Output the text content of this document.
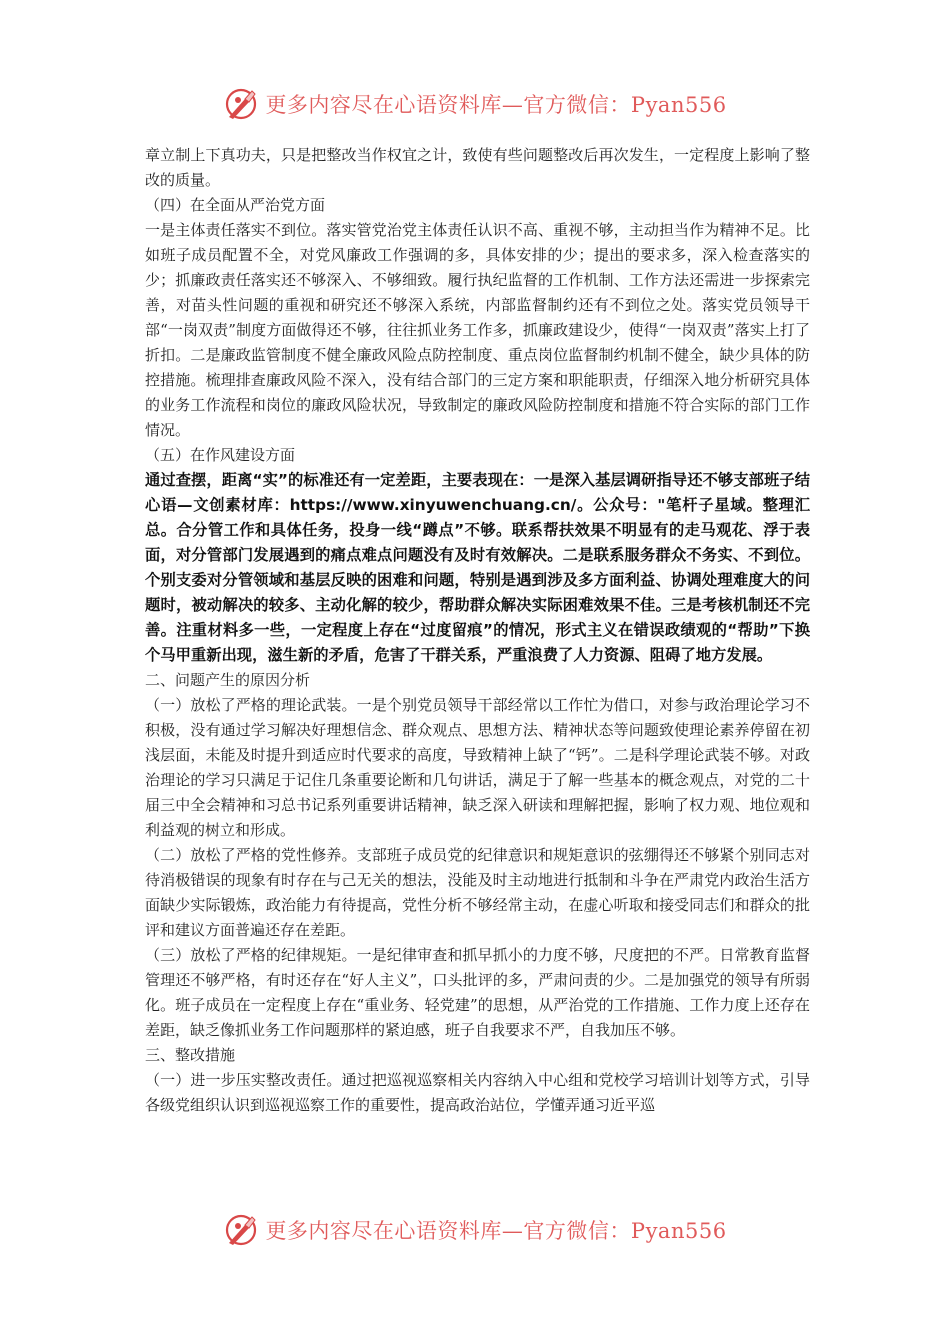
更多内容尽在心语资料库—官方微信：Pyan556

章立制上下真功夫，只是把整改当作权宜之计，致使有些问题整改后再次发生，一定程度上影响了整改的质量。

（四）在全面从严治党方面

一是主体责任落实不到位。落实管党治党主体责任认识不高、重视不够，主动担当作为精神不足。比如班子成员配置不全，对党风廉政工作强调的多，具体安排的少；提出的要求多，深入检查落实的少；抓廉政责任落实还不够深入、不够细致。履行执纪监督的工作机制、工作方法还需进一步探索完善，对苗头性问题的重视和研究还不够深入系统，内部监督制约还有不到位之处。落实党员领导干部“一岗双责”制度方面做得还不够，往往抓业务工作多，抓廉政建设少，使得“一岗双责”落实上打了折扣。二是廉政监管制度不健全廉政风险点防控制度、重点岗位监督制约机制不健全，缺少具体的防控措施。梳理排查廉政风险不深入，没有结合部门的三定方案和职能职责，仔细深入地分析研究具体的业务工作流程和岗位的廉政风险状况，导致制定的廉政风险防控制度和措施不符合实际的部门工作情况。

（五）在作风建设方面

通过查摆，距离“实”的标准还有一定差距，主要表现在：一是深入基层调研指导还不够支部班子结心语—文创素材库：https://www.xinyuwenchuang.cn/。公众号："笔杆子星域。整理汇总。合分管工作和具体任务，投身一线“蹲点”不够。联系帮扶效果不明显有的走马观花、浮于表面，对分管部门发展遇到的痛点难点问题没有及时有效解决。二是联系服务群众不务实、不到位。个别支委对分管领域和基层反映的困难和问题，特别是遇到涉及多方面利益、协调处理难度大的问题时，被动解决的较多、主动化解的较少，帮助群众解决实际困难效果不佳。三是考核机制还不完善。注重材料多一些，一定程度上存在“过度留痕”的情况，形式主义在错误政绩观的“帮助”下换个马甲重新出现，滋生新的矛盾，危害了干群关系，严重浪费了人力资源、阻碍了地方发展。

二、问题产生的原因分析

（一）放松了严格的理论武装。一是个别党员领导干部经常以工作忙为借口，对参与政治理论学习不积极，没有通过学习解决好理想信念、群众观点、思想方法、精神状态等问题致使理论素养停留在初浅层面，未能及时提升到适应时代要求的高度，导致精神上缺了“钙”。二是科学理论武装不够。对政治理论的学习只满足于记住几条重要论断和几句讲话，满足于了解一些基本的概念观点，对党的二十届三中全会精神和习总书记系列重要讲话精神，缺乏深入研读和理解把握，影响了权力观、地位观和利益观的树立和形成。

（二）放松了严格的党性修养。支部班子成员党的纪律意识和规矩意识的弦绷得还不够紧个别同志对待消极错误的现象有时存在与己无关的想法，没能及时主动地进行抵制和斗争在严肃党内政治生活方面缺少实际锻炼，政治能力有待提高，党性分析不够经常主动，在虚心听取和接受同志们和群众的批评和建议方面普遍还存在差距。

（三）放松了严格的纪律规矩。一是纪律审查和抓早抓小的力度不够，尺度把的不严。日常教育监督管理还不够严格，有时还存在“好人主义”，口头批评的多，严肃问责的少。二是加强党的领导有所弱化。班子成员在一定程度上存在“重业务、轻党建”的思想，从严治党的工作措施、工作力度上还存在差距，缺乏像抓业务工作问题那样的紧迫感，班子自我要求不严，自我加压不够。

三、整改措施

（一）进一步压实整改责任。通过把巡视巡察相关内容纳入中心组和党校学习培训计划等方式，引导各级党组织认识到巡视巡察工作的重要性，提高政治站位，学懂弄通习近平巡

更多内容尽在心语资料库—官方微信：Pyan556
